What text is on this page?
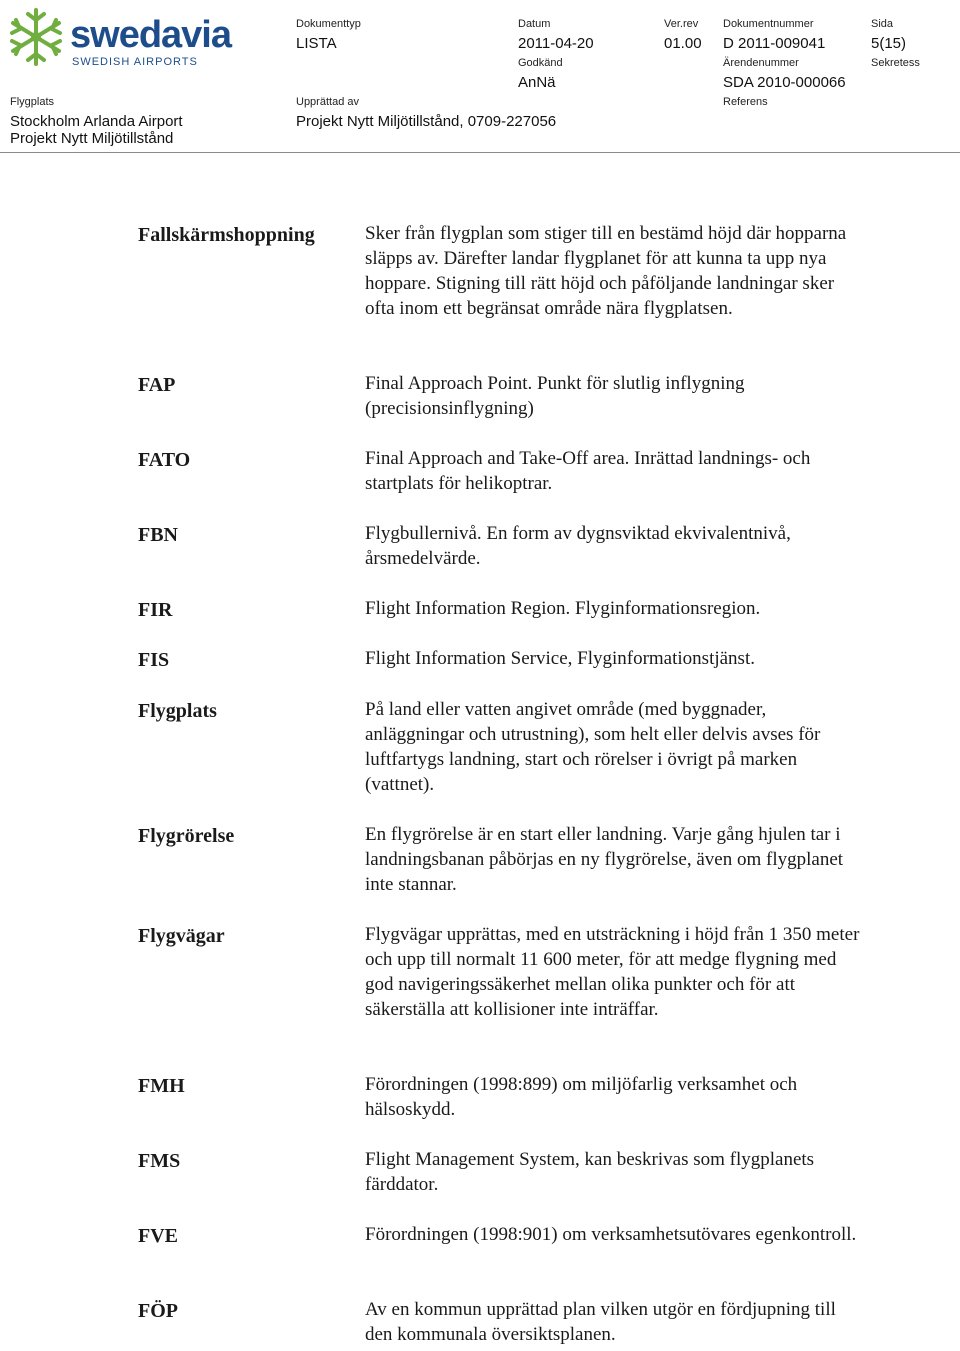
swedavia
SWEDISH AIRPORTS
Dokumenttyp
LISTA
Datum
2011-04-20
Ver.rev
01.00
Dokumentnummer
D 2011-009041
Sida
5(15)
Godkänd
AnNä
Ärendenummer
SDA 2010-000066
Sekretess
Flygplats
Stockholm Arlanda Airport
Projekt Nytt Miljötillstånd
Upprättad av
Projekt Nytt Miljötillstånd, 0709-227056
Referens
Fallskärmshoppning	Sker från flygplan som stiger till en bestämd höjd där hopparna släpps av. Därefter landar flygplanet för att kunna ta upp nya hoppare. Stigning till rätt höjd och påföljande landningar sker ofta inom ett begränsat område nära flygplatsen.
FAP	Final Approach Point. Punkt för slutlig inflygning (precisionsinflygning)
FATO	Final Approach and Take-Off area. Inrättad landnings- och startplats för helikoptrar.
FBN	Flygbullernivå. En form av dygnsviktad ekvivalentnivå, årsmedelvärde.
FIR	Flight Information Region. Flyginformationsregion.
FIS	Flight Information Service, Flyginformationstjänst.
Flygplats	På land eller vatten angivet område (med byggnader, anläggningar och utrustning), som helt eller delvis avses för luftfartygs landning, start och rörelser i övrigt på marken (vattnet).
Flygrörelse	En flygrörelse är en start eller landning. Varje gång hjulen tar i landningsbanan påbörjas en ny flygrörelse, även om flygplanet inte stannar.
Flygvägar	Flygvägar upprättas, med en utsträckning i höjd från 1 350 meter och upp till normalt 11 600 meter, för att medge flygning med god navigeringssäkerhet mellan olika punkter och för att säkerställa att kollisioner inte inträffar.
FMH	Förordningen (1998:899) om miljöfarlig verksamhet och hälsoskydd.
FMS	Flight Management System, kan beskrivas som flygplanets färddator.
FVE	Förordningen (1998:901) om verksamhetsutövares egenkontroll.
FÖP	Av en kommun upprättad plan vilken utgör en fördjupning till den kommunala översiktsplanen.
